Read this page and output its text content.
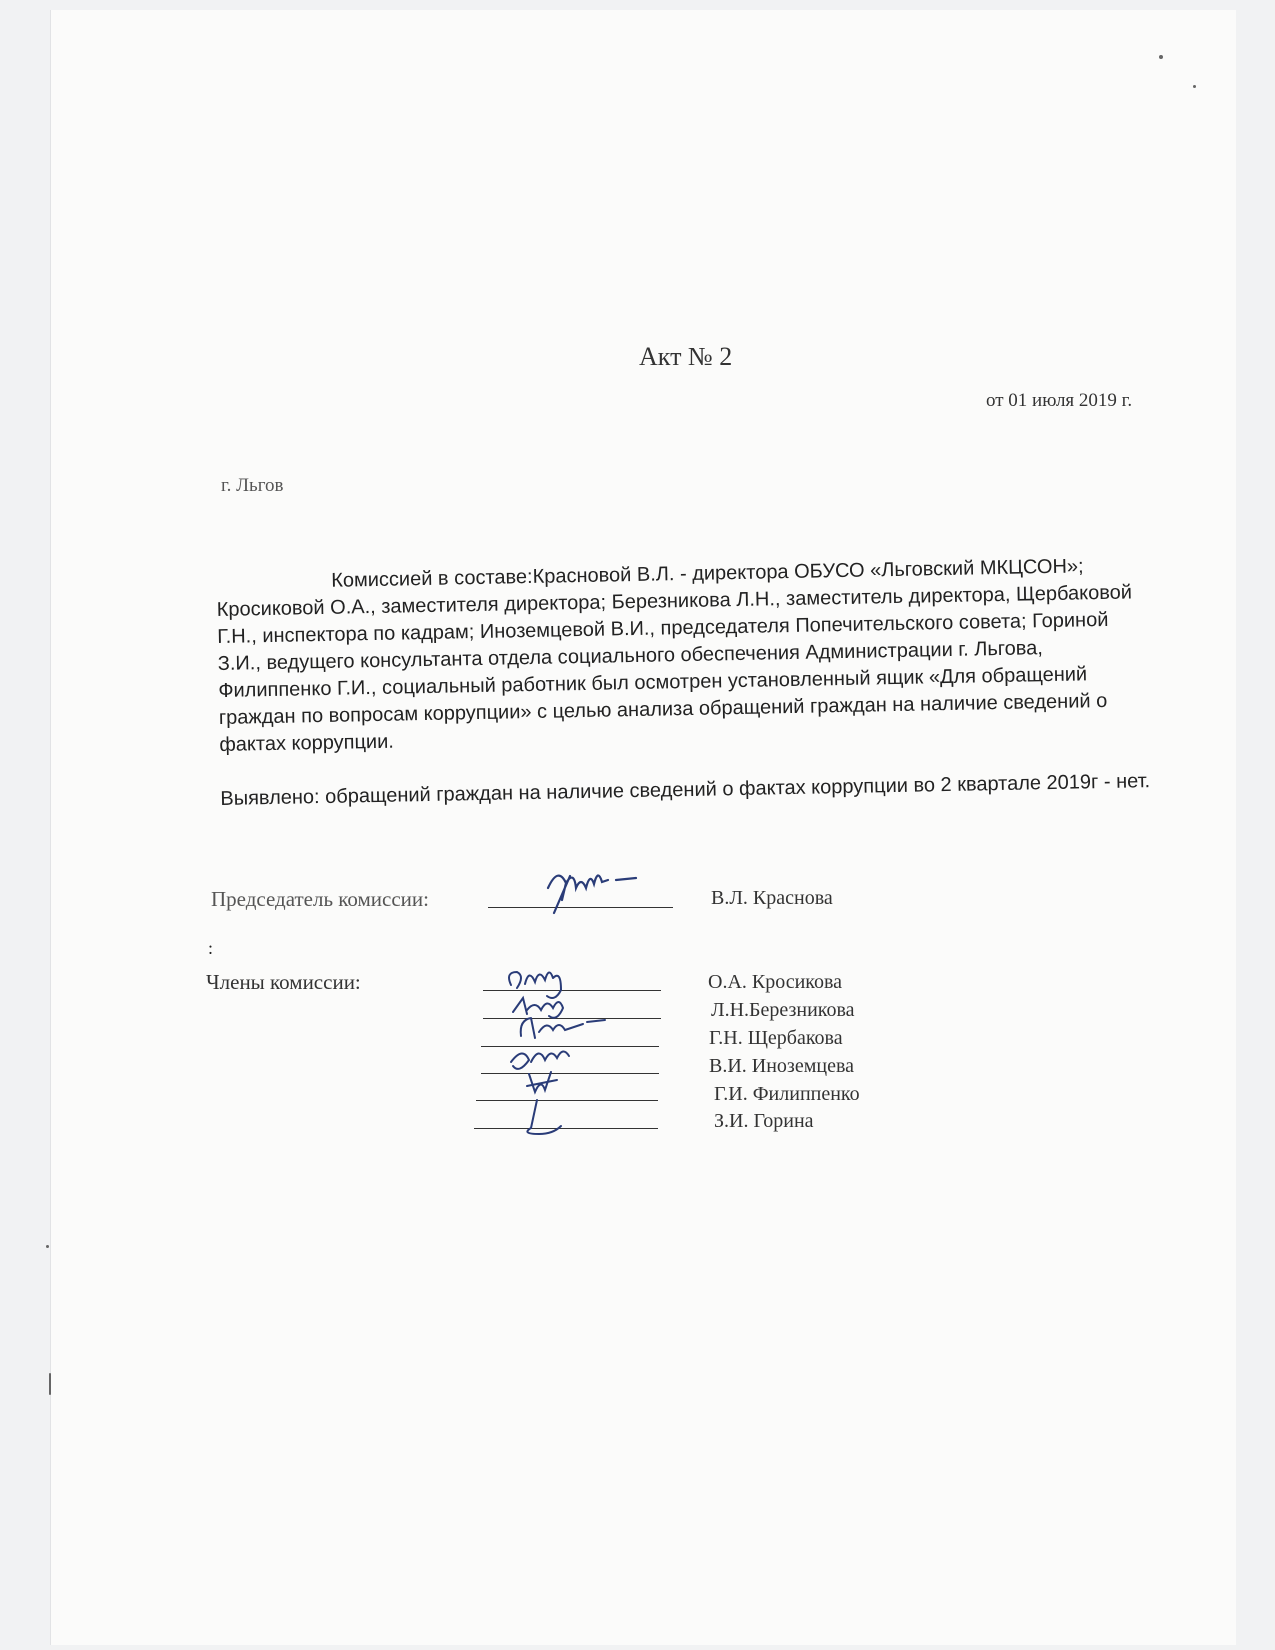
Акт № 2
от 01 июля 2019 г.
г. Льгов

Комиссией в составе:Красновой В.Л. - директора ОБУСО «Льговский МКЦСОН»; Кросиковой О.А., заместителя директора; Березникова Л.Н., заместитель директора, Щербаковой Г.Н., инспектора по кадрам; Иноземцевой В.И., председателя Попечительского совета; Гориной З.И., ведущего консультанта отдела социального обеспечения Администрации г. Льгова, Филиппенко Г.И., социальный работник был осмотрен установленный ящик «Для обращений граждан по вопросам коррупции» с целью анализа обращений граждан на наличие сведений о фактах коррупции.

Выявлено: обращений граждан на наличие сведений о фактах коррупции во 2 квартале 2019г - нет.

Председатель комиссии:	В.Л. Краснова
:
Члены комиссии:	О.А. Кросикова
Л.Н.Березникова
Г.Н. Щербакова
В.И. Иноземцева
Г.И. Филиппенко
З.И. Горина
